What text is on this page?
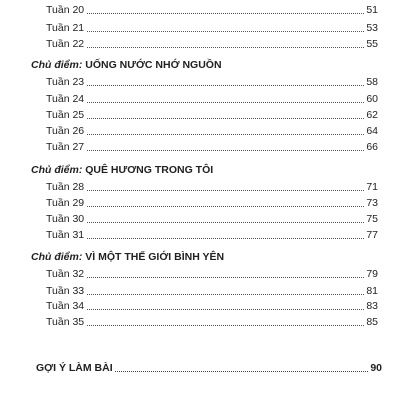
Tuần 20	51
Tuần 21	53
Tuần 22	55
Chủ điểm: UỐNG NƯỚC NHỚ NGUỒN
Tuần 23	58
Tuần 24	60
Tuần 25	62
Tuần 26	64
Tuần 27	66
Chủ điểm: QUÊ HƯƠNG TRONG TÔI
Tuần 28	71
Tuần 29	73
Tuần 30	75
Tuần 31	77
Chủ điểm: VÌ MỘT THẾ GIỚI BÌNH YÊN
Tuần 32	79
Tuần 33	81
Tuần 34	83
Tuần 35	85
GỢI Ý LÀM BÀI	90
